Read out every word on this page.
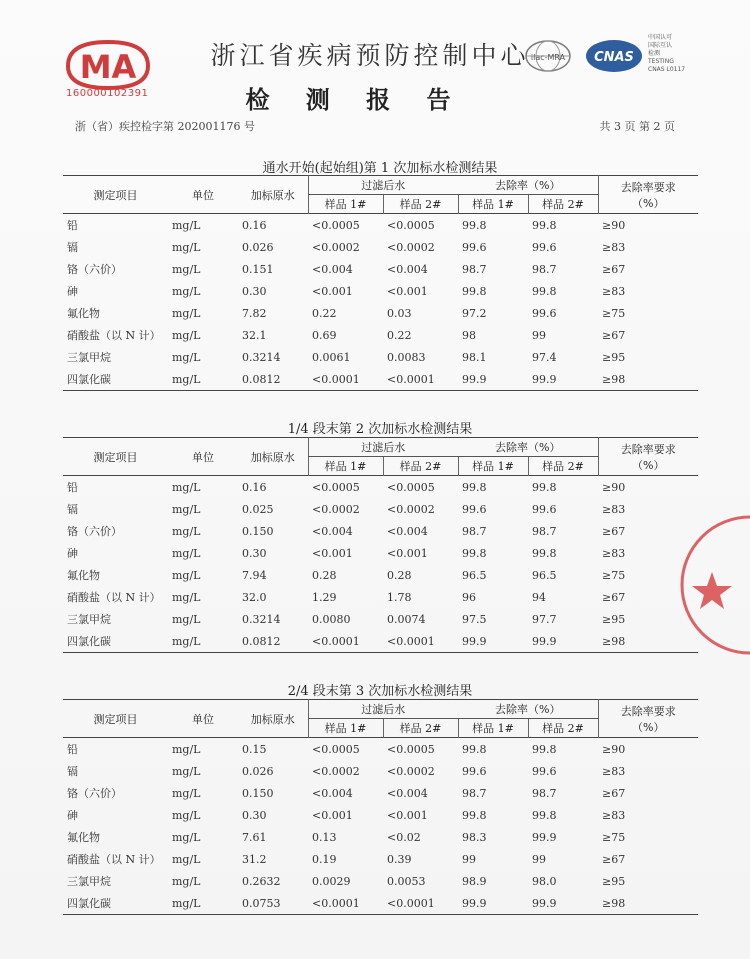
MA
160000102391
浙江省疾病预防控制中心
检 测 报 告
ilac-MRA CNAS
中国认可
国际互认
检测
TESTING
CNAS L0117
浙（省）疾控检字第 202001176 号	共 3 页 第 2 页
通水开始(起始组)第 1 次加标水检测结果
测定项目	单位	加标原水	过滤后水		去除率（%）		去除率要求
（%）

			样品 1#	样品 2#	样品 1#	样品 2#	
铅	mg/L	0.16	<0.0005	<0.0005	99.8	99.8	≥90
镉	mg/L	0.026	<0.0002	<0.0002	99.6	99.6	≥83
铬（六价）	mg/L	0.151	<0.004	<0.004	98.7	98.7	≥67
砷	mg/L	0.30	<0.001	<0.001	99.8	99.8	≥83
氟化物	mg/L	7.82	0.22	0.03	97.2	99.6	≥75
硝酸盐（以 N 计）	mg/L	32.1	0.69	0.22	98	99	≥67
三氯甲烷	mg/L	0.3214	0.0061	0.0083	98.1	97.4	≥95
四氯化碳	mg/L	0.0812	<0.0001	<0.0001	99.9	99.9	≥98
1/4 段末第 2 次加标水检测结果
测定项目	单位	加标原水	过滤后水		去除率（%）		去除率要求
（%）

			样品 1#	样品 2#	样品 1#	样品 2#	
铅	mg/L	0.16	<0.0005	<0.0005	99.8	99.8	≥90
镉	mg/L	0.025	<0.0002	<0.0002	99.6	99.6	≥83
铬（六价）	mg/L	0.150	<0.004	<0.004	98.7	98.7	≥67
砷	mg/L	0.30	<0.001	<0.001	99.8	99.8	≥83
氟化物	mg/L	7.94	0.28	0.28	96.5	96.5	≥75
硝酸盐（以 N 计）	mg/L	32.0	1.29	1.78	96	94	≥67
三氯甲烷	mg/L	0.3214	0.0080	0.0074	97.5	97.7	≥95
四氯化碳	mg/L	0.0812	<0.0001	<0.0001	99.9	99.9	≥98
2/4 段末第 3 次加标水检测结果
测定项目	单位	加标原水	过滤后水		去除率（%）		去除率要求
（%）

			样品 1#	样品 2#	样品 1#	样品 2#	
铅	mg/L	0.15	<0.0005	<0.0005	99.8	99.8	≥90
镉	mg/L	0.026	<0.0002	<0.0002	99.6	99.6	≥83
铬（六价）	mg/L	0.150	<0.004	<0.004	98.7	98.7	≥67
砷	mg/L	0.30	<0.001	<0.001	99.8	99.8	≥83
氟化物	mg/L	7.61	0.13	<0.02	98.3	99.9	≥75
硝酸盐（以 N 计）	mg/L	31.2	0.19	0.39	99	99	≥67
三氯甲烷	mg/L	0.2632	0.0029	0.0053	98.9	98.0	≥95
四氯化碳	mg/L	0.0753	<0.0001	<0.0001	99.9	99.9	≥98
